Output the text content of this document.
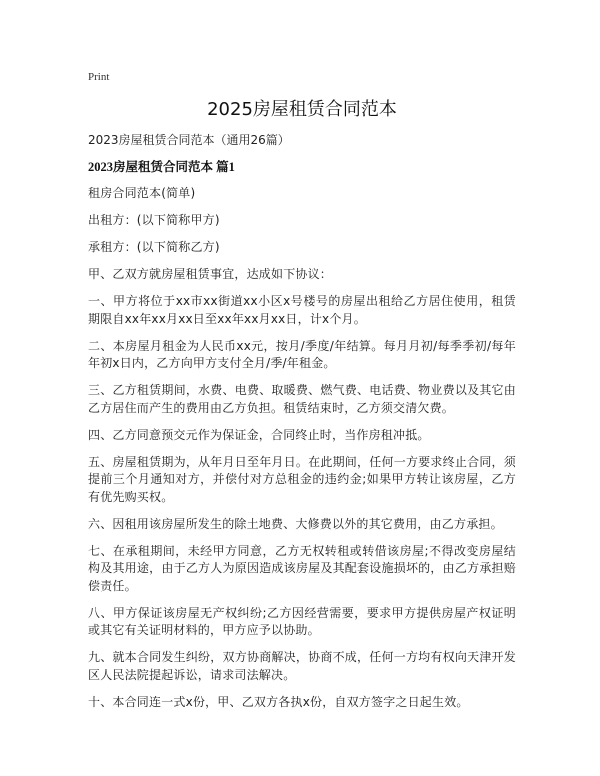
Print
2025房屋租赁合同范本
2023房屋租赁合同范本（通用26篇）
2023房屋租赁合同范本 篇1

租房合同范本(简单)

出租方：(以下简称甲方)

承租方：(以下简称乙方)

甲、乙双方就房屋租赁事宜，达成如下协议：

一、甲方将位于xx市xx街道xx小区x号楼号的房屋出租给乙方居住使用，租赁期限自xx年xx月xx日至xx年xx月xx日，计x个月。

二、本房屋月租金为人民币xx元，按月/季度/年结算。每月月初/每季季初/每年年初x日内，乙方向甲方支付全月/季/年租金。

三、乙方租赁期间，水费、电费、取暖费、燃气费、电话费、物业费以及其它由乙方居住而产生的费用由乙方负担。租赁结束时，乙方须交清欠费。

四、乙方同意预交元作为保证金，合同终止时，当作房租冲抵。

五、房屋租赁期为，从年月日至年月日。在此期间，任何一方要求终止合同，须提前三个月通知对方，并偿付对方总租金的违约金;如果甲方转让该房屋，乙方有优先购买权。

六、因租用该房屋所发生的除土地费、大修费以外的其它费用，由乙方承担。

七、在承租期间，未经甲方同意，乙方无权转租或转借该房屋;不得改变房屋结构及其用途，由于乙方人为原因造成该房屋及其配套设施损坏的，由乙方承担赔偿责任。

八、甲方保证该房屋无产权纠纷;乙方因经营需要，要求甲方提供房屋产权证明或其它有关证明材料的，甲方应予以协助。

九、就本合同发生纠纷，双方协商解决，协商不成，任何一方均有权向天津开发区人民法院提起诉讼，请求司法解决。

十、本合同连一式x份，甲、乙双方各执x份，自双方签字之日起生效。
